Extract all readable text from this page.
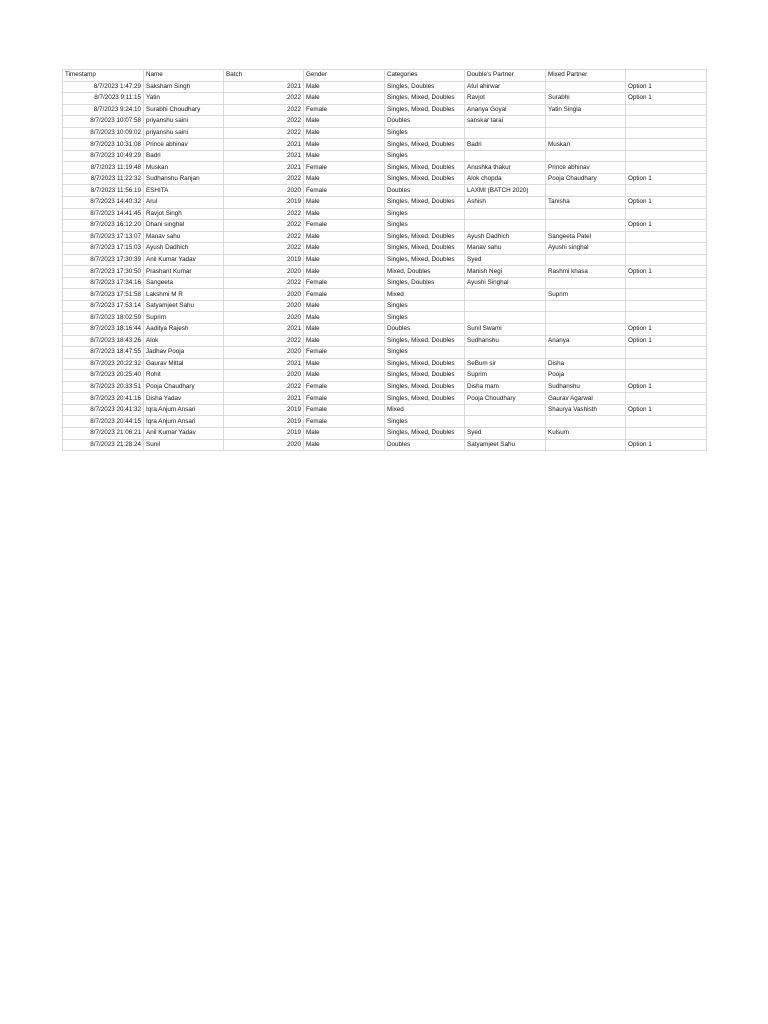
Timestamp	Name	Batch	Gender	Categories	Double's Partner	Mixed Partner	
8/7/2023 1:47:29	Saksham Singh	2021	Male	Singles, Doubles	Atul ahirwar		Option 1
8/7/2023 9:11:15	Yatin	2022	Male	Singles, Mixed, Doubles	Ravjot	Surabhi	Option 1
8/7/2023 9:24:10	Surabhi Choudhary	2022	Female	Singles, Mixed, Doubles	Ananya Goyal	Yatin Singla	
8/7/2023 10:07:58	priyanshu saini	2022	Male	Doubles	sanskar tarai		
8/7/2023 10:09:02	priyanshu saini	2022	Male	Singles			
8/7/2023 10:31:08	Prince abhinav	2021	Male	Singles, Mixed, Doubles	Badri	Muskan	
8/7/2023 10:49:29	Badri	2021	Male	Singles			
8/7/2023 11:19:48	Muskan	2021	Female	Singles, Mixed, Doubles	Anushka thakur	Prince abhinav	
8/7/2023 11:22:32	Sudhanshu Ranjan	2022	Male	Singles, Mixed, Doubles	Alok chopda	Pooja Chaudhary	Option 1
8/7/2023 11:56:19	ESHITA	2020	Female	Doubles	LAXMI (BATCH 2020)		
8/7/2023 14:40:32	Arul	2019	Male	Singles, Mixed, Doubles	Ashish	Tanisha	Option 1
8/7/2023 14:41:45	Ravjot Singh	2022	Male	Singles			
8/7/2023 16:12:20	Dhani singhal	2022	Female	Singles			Option 1
8/7/2023 17:13:07	Manav sahu	2022	Male	Singles, Mixed, Doubles	Ayush Dadhich	Sangeeta Patel	
8/7/2023 17:15:03	Ayush Dadhich	2022	Male	Singles, Mixed, Doubles	Manav sahu	Ayushi singhal	
8/7/2023 17:30:39	Anil Kumar Yadav	2019	Male	Singles, Mixed, Doubles	Syed		
8/7/2023 17:30:50	Prashant Kumar	2020	Male	Mixed, Doubles	Manish Negi	Rashmi khasa	Option 1
8/7/2023 17:34:16	Sangeeta	2022	Female	Singles, Doubles	Ayushi Singhal		
8/7/2023 17:51:58	Lakshmi M R	2020	Female	Mixed		Suprim	
8/7/2023 17:53:14	Satyamjeet Sahu	2020	Male	Singles			
8/7/2023 18:02:59	Suprim	2020	Male	Singles			
8/7/2023 18:16:44	Aaditya Rajesh	2021	Male	Doubles	Sunil Swami		Option 1
8/7/2023 18:43:26	Alok	2022	Male	Singles, Mixed, Doubles	Sudhanshu	Ananya	Option 1
8/7/2023 18:47:55	Jadhav Pooja	2020	Female	Singles			
8/7/2023 20:22:32	Gaurav Mittal	2021	Male	Singles, Mixed, Doubles	SeBum sir	Disha	
8/7/2023 20:25:40	Rohit	2020	Male	Singles, Mixed, Doubles	Suprim	Pooja	
8/7/2023 20:33:51	Pooja Chaudhary	2022	Female	Singles, Mixed, Doubles	Disha mam	Sudhanshu	Option 1
8/7/2023 20:41:16	Disha Yadav	2021	Female	Singles, Mixed, Doubles	Pooja Choudhary	Gaurav Agarwal	
8/7/2023 20:41:32	Iqra Anjum Ansari	2019	Female	Mixed		Shaurya Vashisth	Option 1
8/7/2023 20:44:15	Iqra Anjum Ansari	2019	Female	Singles			
8/7/2023 21:06:21	Anil Kumar Yadav	2019	Male	Singles, Mixed, Doubles	Syed	Kulsum	
8/7/2023 21:28:24	Sunil	2020	Male	Doubles	Satyamjeet Sahu		Option 1
